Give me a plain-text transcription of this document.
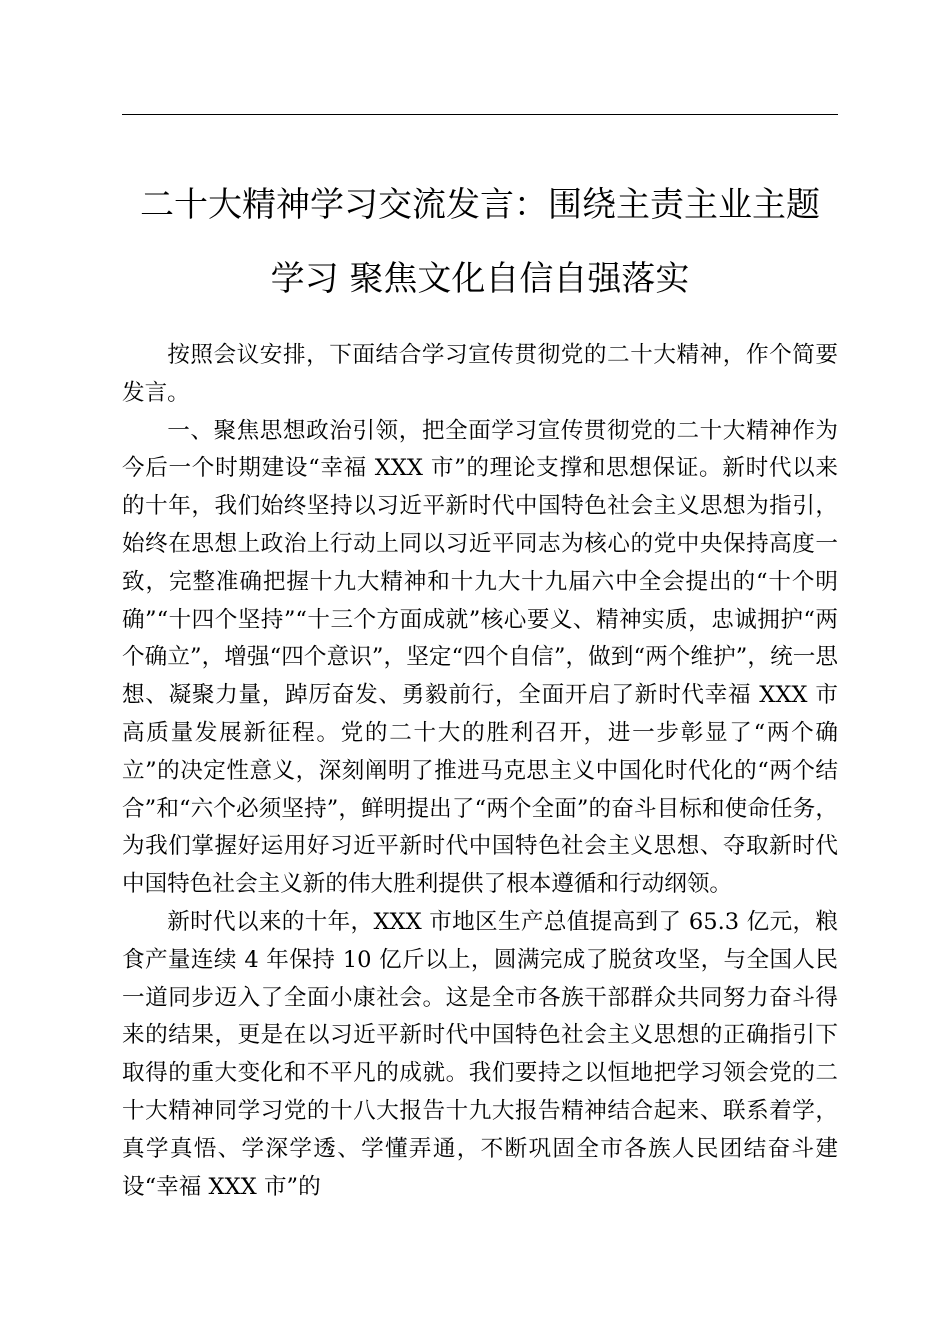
二十大精神学习交流发言：围绕主责主业主题
学习 聚焦文化自信自强落实

按照会议安排，下面结合学习宣传贯彻党的二十大精神，作个简要发言。

一、聚焦思想政治引领，把全面学习宣传贯彻党的二十大精神作为今后一个时期建设“幸福 XXX 市”的理论支撑和思想保证。新时代以来的十年，我们始终坚持以习近平新时代中国特色社会主义思想为指引，始终在思想上政治上行动上同以习近平同志为核心的党中央保持高度一致，完整准确把握十九大精神和十九大十九届六中全会提出的“十个明确”“十四个坚持”“十三个方面成就”核心要义、精神实质，忠诚拥护“两个确立”，增强“四个意识”，坚定“四个自信”，做到“两个维护”，统一思想、凝聚力量，踔厉奋发、勇毅前行，全面开启了新时代幸福 XXX 市高质量发展新征程。党的二十大的胜利召开，进一步彰显了“两个确立”的决定性意义，深刻阐明了推进马克思主义中国化时代化的“两个结合”和“六个必须坚持”，鲜明提出了“两个全面”的奋斗目标和使命任务，为我们掌握好运用好习近平新时代中国特色社会主义思想、夺取新时代中国特色社会主义新的伟大胜利提供了根本遵循和行动纲领。

新时代以来的十年，XXX 市地区生产总值提高到了 65.3 亿元，粮食产量连续 4 年保持 10 亿斤以上，圆满完成了脱贫攻坚，与全国人民一道同步迈入了全面小康社会。这是全市各族干部群众共同努力奋斗得来的结果，更是在以习近平新时代中国特色社会主义思想的正确指引下取得的重大变化和不平凡的成就。我们要持之以恒地把学习领会党的二十大精神同学习党的十八大报告十九大报告精神结合起来、联系着学，真学真悟、学深学透、学懂弄通，不断巩固全市各族人民团结奋斗建设“幸福 XXX 市”的
